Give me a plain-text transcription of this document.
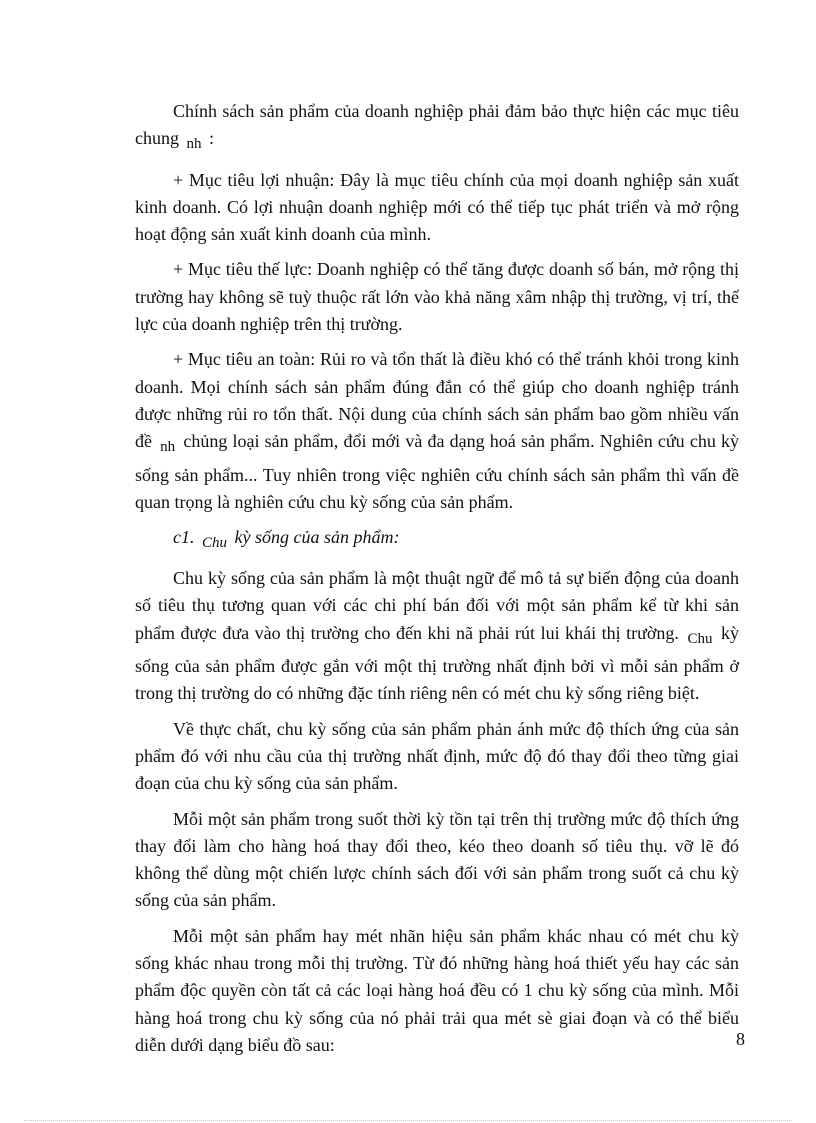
Chính sách sản phẩm của doanh nghiệp phải đảm bảo thực hiện các mục tiêu chung $_{nh}$ :

+ Mục tiêu lợi nhuận: Đây là mục tiêu chính của mọi doanh nghiệp sản xuất kinh doanh. Có lợi nhuận doanh nghiệp mới có thể tiếp tục phát triển và mở rộng hoạt động sản xuất kinh doanh của mình.

+ Mục tiêu thế lực: Doanh nghiệp có thể tăng được doanh số bán, mở rộng thị trường hay không sẽ tuỳ thuộc rất lớn vào khả năng xâm nhập thị trường, vị trí, thế lực của doanh nghiệp trên thị trường.

+ Mục tiêu an toàn: Rủi ro và tổn thất là điều khó có thể tránh khỏi trong kinh doanh. Mọi chính sách sản phẩm đúng đắn có thể giúp cho doanh nghiệp tránh được những rủi ro tổn thất. Nội dung của chính sách sản phẩm bao gồm nhiều vấn đề $_{nh}$ chủng loại sản phẩm, đổi mới và đa dạng hoá sản phẩm. Nghiên cứu chu kỳ sống sản phẩm... Tuy nhiên trong việc nghiên cứu chính sách sản phẩm thì vấn đề quan trọng là nghiên cứu chu kỳ sống của sản phẩm.

c1. $_{Chu}$ kỳ sống của sản phẩm:

Chu kỳ sống của sản phẩm là một thuật ngữ để mô tả sự biến động của doanh số tiêu thụ tương quan với các chi phí bán đối với một sản phẩm kể từ khi sản phẩm được đưa vào thị trường cho đến khi nã phải rút lui khái thị trường. $_{Chu}$ kỳ sống của sản phẩm được gắn với một thị trường nhất định bởi vì mỗi sản phẩm ở trong thị trường do có những đặc tính riêng nên có mét chu kỳ sống riêng biệt.

Về thực chất, chu kỳ sống của sản phẩm phản ánh mức độ thích ứng của sản phẩm đó với nhu cầu của thị trường nhất định, mức độ đó thay đổi theo từng giai đoạn của chu kỳ sống của sản phẩm.

Mỗi một sản phẩm trong suốt thời kỳ tồn tại trên thị trường mức độ thích ứng thay đổi làm cho hàng hoá thay đổi theo, kéo theo doanh số tiêu thụ. vỡ lẽ đó không thể dùng một chiến lược chính sách đối với sản phẩm trong suốt cả chu kỳ sống của sản phẩm.

Mỗi một sản phẩm hay mét nhãn hiệu sản phẩm khác nhau có mét chu kỳ sống khác nhau trong mỗi thị trường. Từ đó những hàng hoá thiết yếu hay các sản phẩm độc quyền còn tất cả các loại hàng hoá đều có 1 chu kỳ sống của mình. Mỗi hàng hoá trong chu kỳ sống của nó phải trải qua mét sè giai đoạn và có thể biểu diễn dưới dạng biểu đồ sau:	8
